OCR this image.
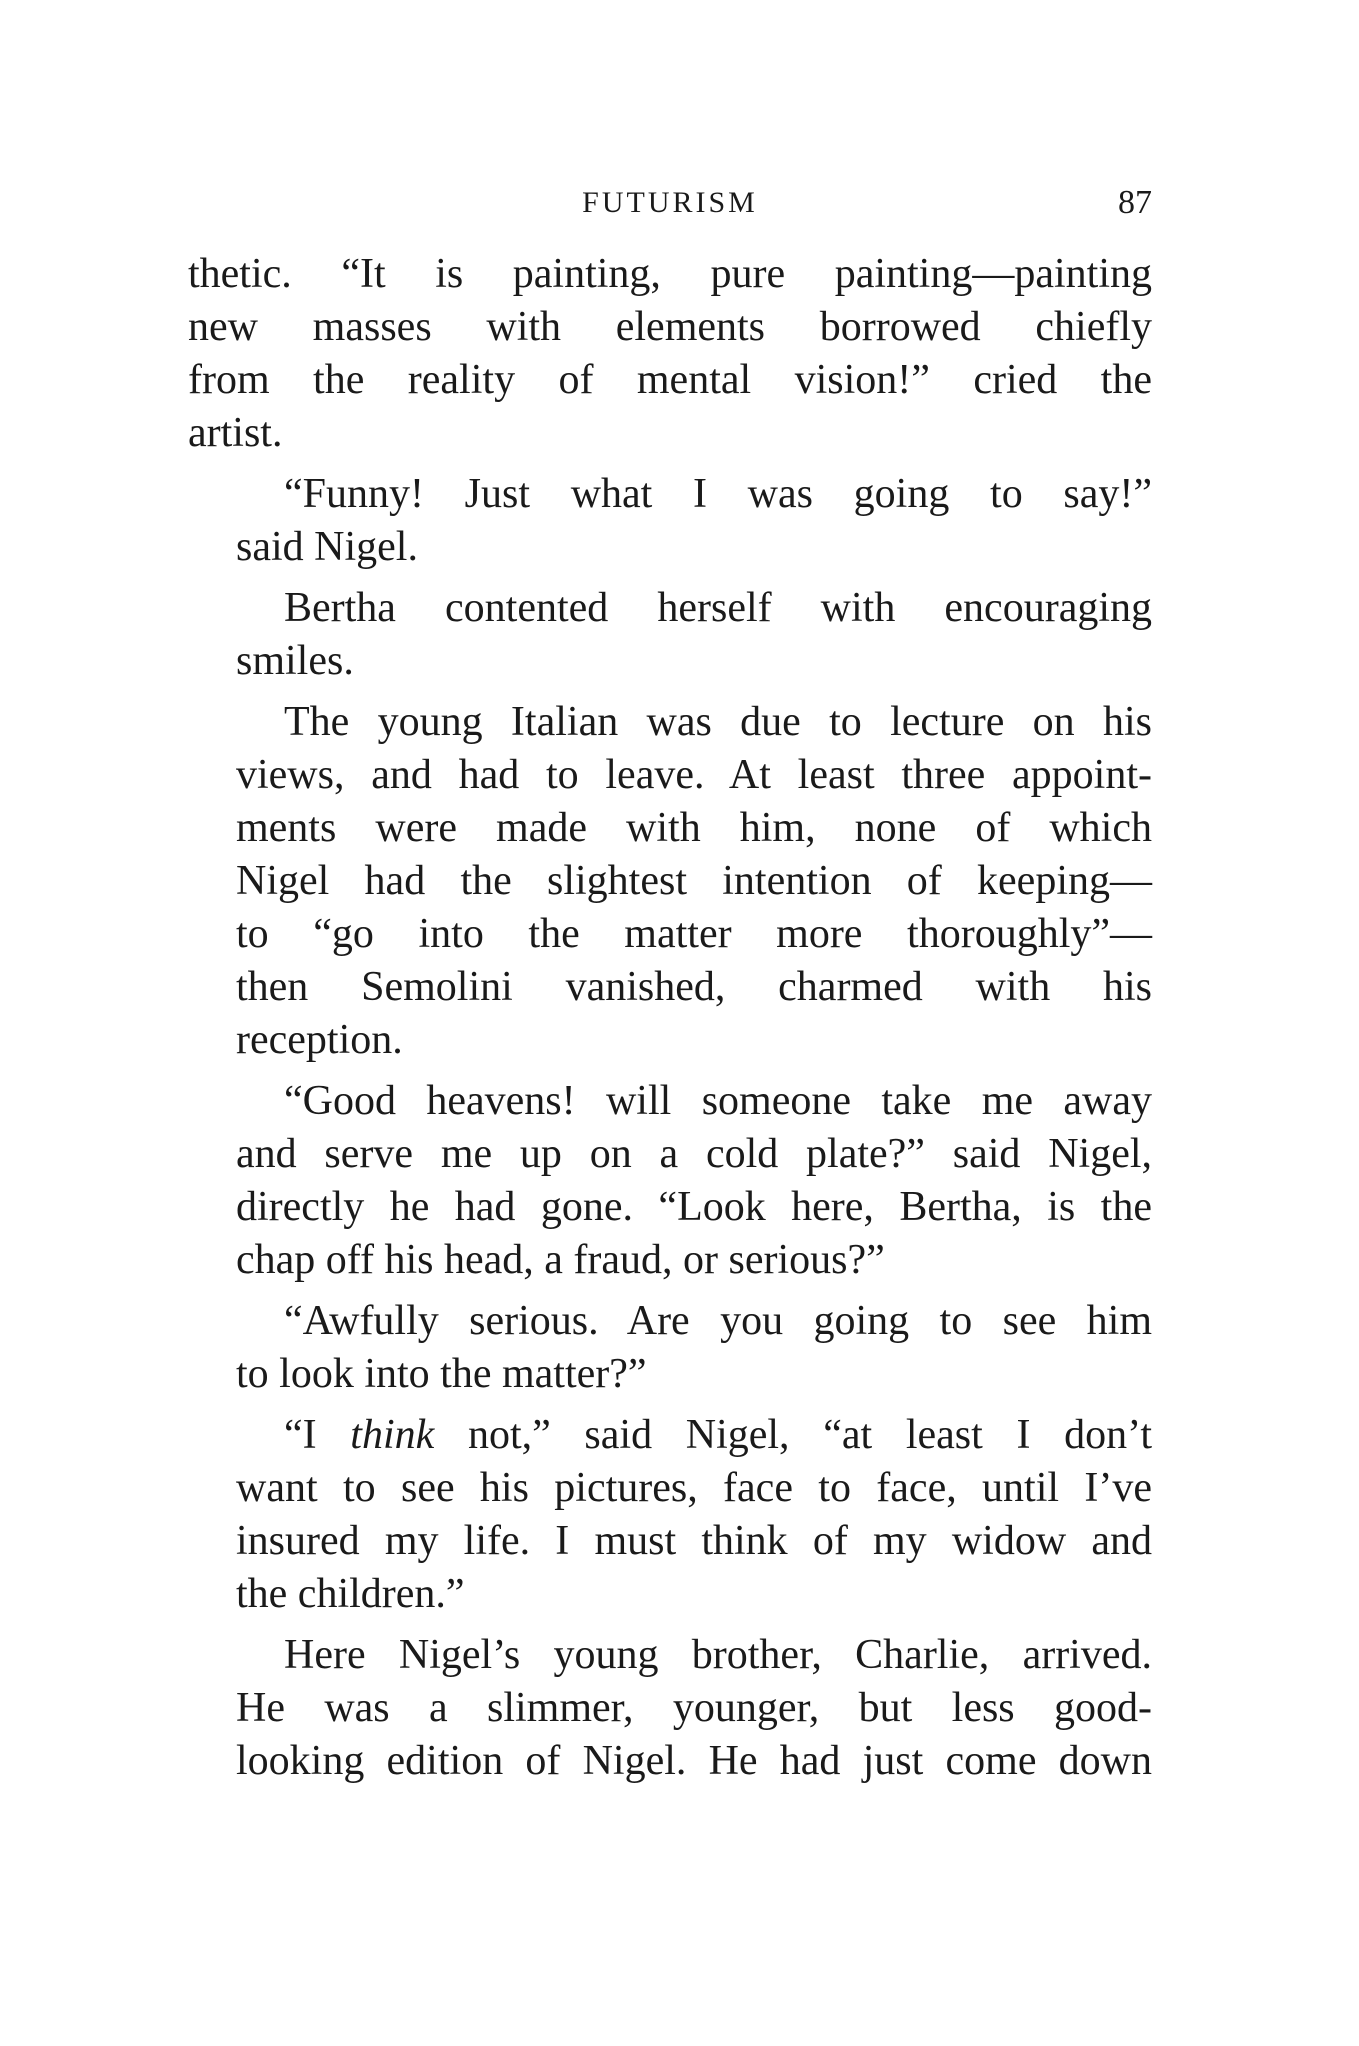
FUTURISM	87
thetic. “It is painting, pure painting—painting
new masses with elements borrowed chiefly
from the reality of mental vision!” cried the
artist.
“Funny! Just what I was going to say!”
said Nigel.
Bertha contented herself with encouraging
smiles.
The young Italian was due to lecture on his
views, and had to leave. At least three appoint-
ments were made with him, none of which
Nigel had the slightest intention of keeping—
to “go into the matter more thoroughly”—
then Semolini vanished, charmed with his
reception.
“Good heavens! will someone take me away
and serve me up on a cold plate?” said Nigel,
directly he had gone. “Look here, Bertha, is the
chap off his head, a fraud, or serious?”
“Awfully serious. Are you going to see him
to look into the matter?”
“I think not,” said Nigel, “at least I don’t
want to see his pictures, face to face, until I’ve
insured my life. I must think of my widow and
the children.”
Here Nigel’s young brother, Charlie, arrived.
He was a slimmer, younger, but less good-
looking edition of Nigel. He had just come down
